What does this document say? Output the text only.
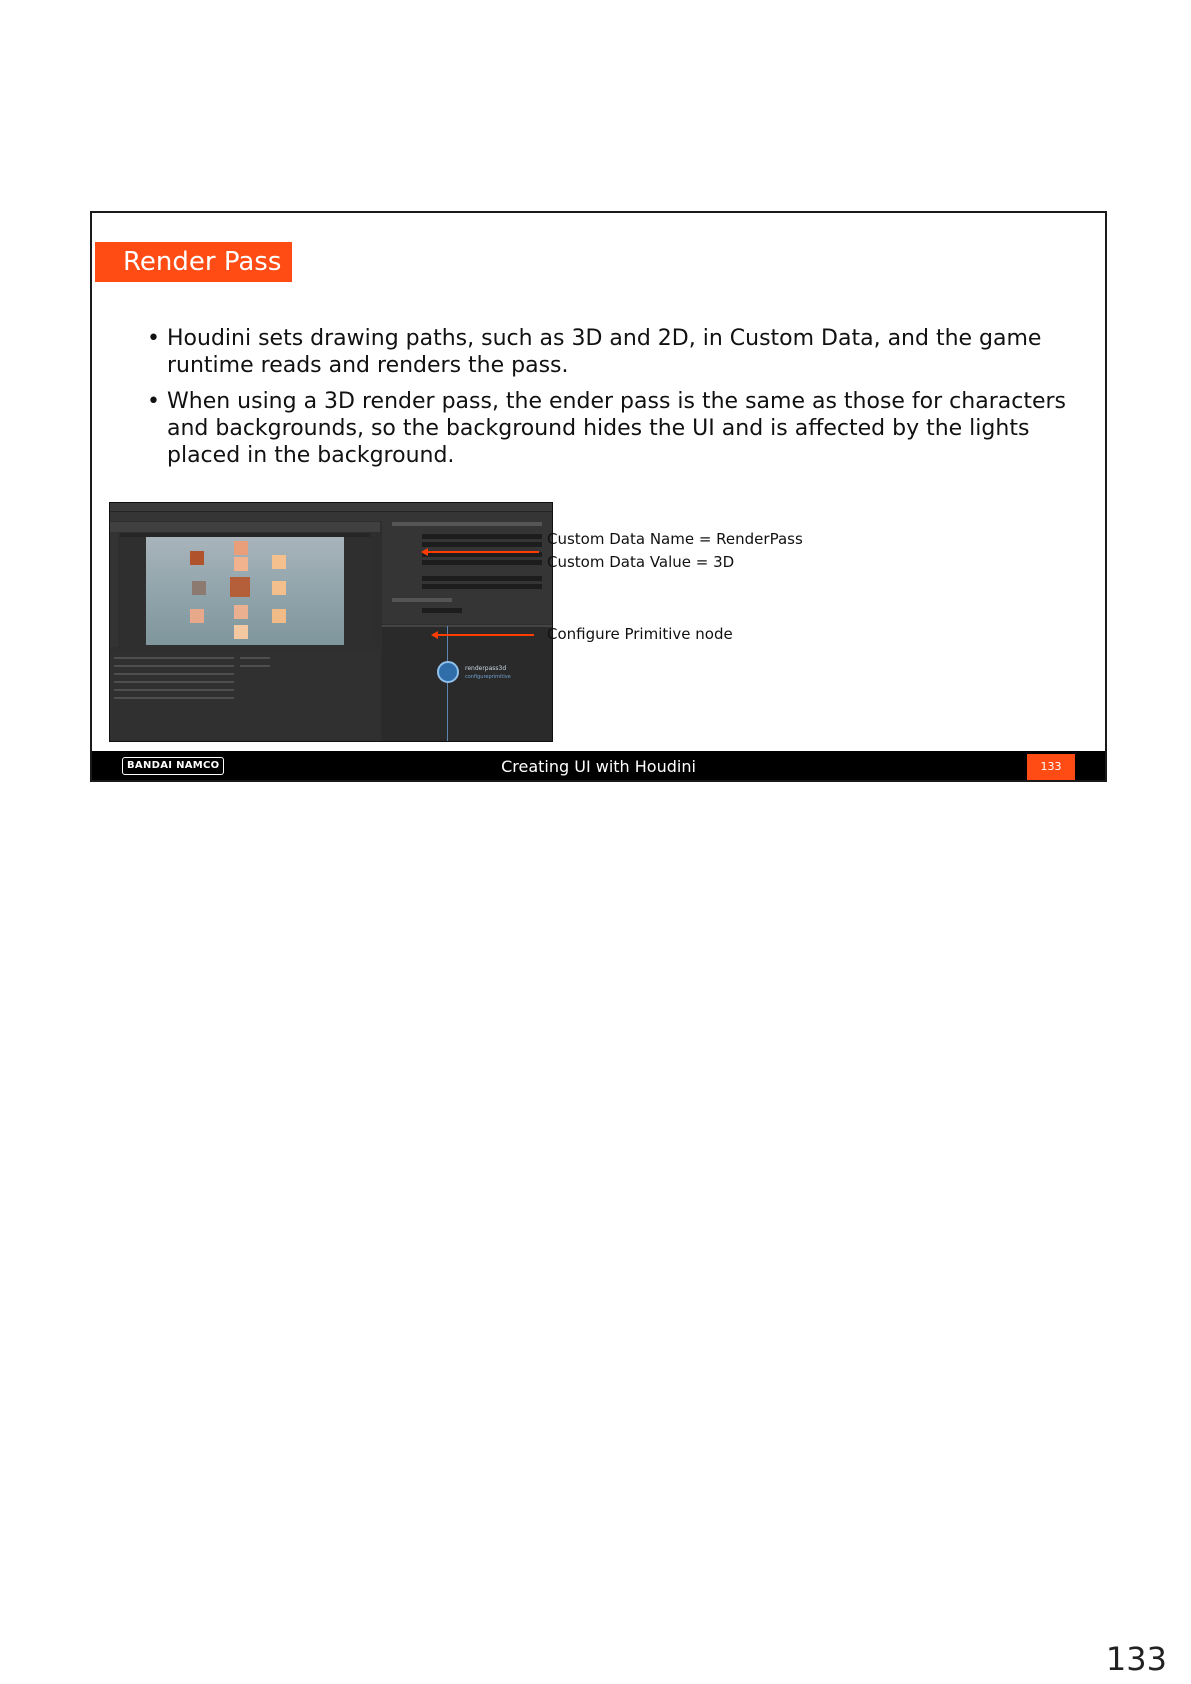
Render Pass
• Houdini sets drawing paths, such as 3D and 2D, in Custom Data, and the game runtime reads and renders the pass.
• When using a 3D render pass, the ender pass is the same as those for characters and backgrounds, so the background hides the UI and is affected by the lights placed in the background.
renderpass3d
configureprimitive
Custom Data Name = RenderPass
Custom Data Value = 3D
Configure Primitive node
BANDAI NAMCO	Creating UI with Houdini	133
133
